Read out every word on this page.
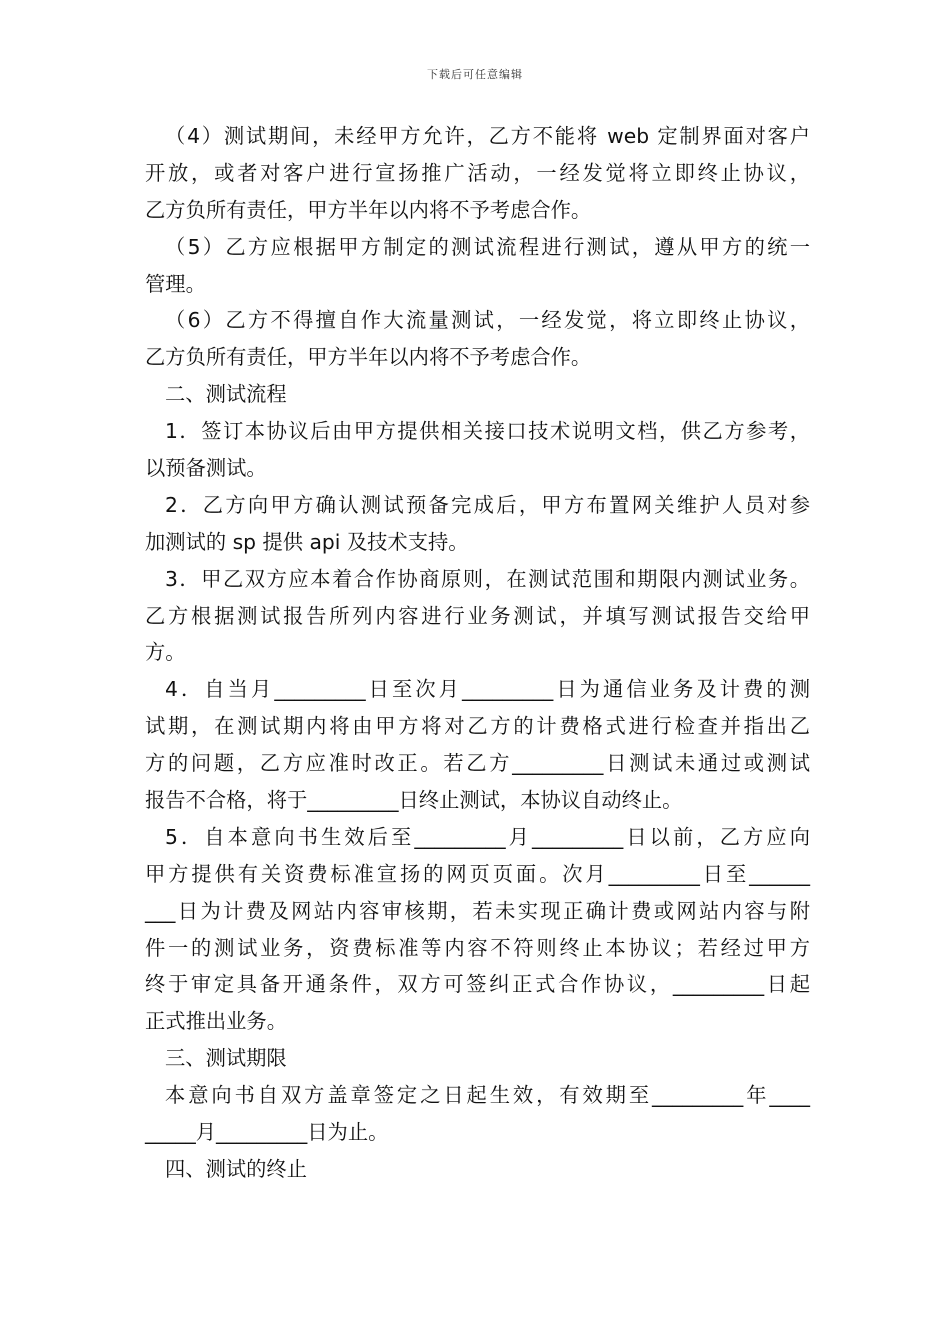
下载后可任意编辑
（4）测试期间，未经甲方允许，乙方不能将 web 定制界面对客户
开放，或者对客户进行宣扬推广活动，一经发觉将立即终止协议，
乙方负所有责任，甲方半年以内将不予考虑合作。
（5）乙方应根据甲方制定的测试流程进行测试，遵从甲方的统一
管理。
（6）乙方不得擅自作大流量测试，一经发觉，将立即终止协议，
乙方负所有责任，甲方半年以内将不予考虑合作。
二、测试流程
1．签订本协议后由甲方提供相关接口技术说明文档，供乙方参考，
以预备测试。
2．乙方向甲方确认测试预备完成后，甲方布置网关维护人员对参
加测试的 sp 提供 api 及技术支持。
3．甲乙双方应本着合作协商原则，在测试范围和期限内测试业务。
乙方根据测试报告所列内容进行业务测试，并填写测试报告交给甲
方。
4．自当月_________日至次月_________日为通信业务及计费的测
试期，在测试期内将由甲方将对乙方的计费格式进行检查并指出乙
方的问题，乙方应准时改正。若乙方_________日测试未通过或测试
报告不合格，将于_________日终止测试，本协议自动终止。
5．自本意向书生效后至_________月_________日以前，乙方应向
甲方提供有关资费标准宣扬的网页页面。次月_________日至______
___日为计费及网站内容审核期，若未实现正确计费或网站内容与附
件一的测试业务，资费标准等内容不符则终止本协议；若经过甲方
终于审定具备开通条件，双方可签纠正式合作协议，_________日起
正式推出业务。
三、测试期限
本意向书自双方盖章签定之日起生效，有效期至_________年____
_____月_________日为止。
四、测试的终止
